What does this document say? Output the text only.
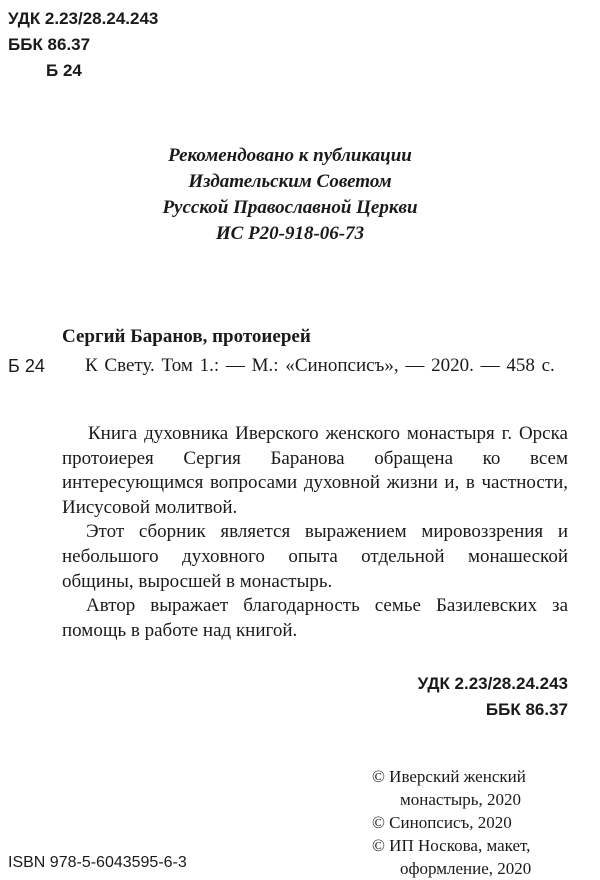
УДК 2.23/28.24.243
ББК 86.37
Б 24
Рекомендовано к публикации
Издательским Советом
Русской Православной Церкви
ИС Р20-918-06-73
Сергий Баранов, протоиерей
Б 24 К Свету. Том 1.: — М.: «Синопсисъ», — 2020. — 458 с.

Книга духовника Иверского женского монастыря г. Орска протоиерея Сергия Баранова обращена ко всем интересующимся вопросами духовной жизни и, в частности, Иисусовой молитвой.

Этот сборник является выражением мировоззрения и небольшого духовного опыта отдельной монашеской общины, выросшей в монастырь.

Автор выражает благодарность семье Базилевских за помощь в работе над книгой.

УДК 2.23/28.24.243
ББК 86.37
© Иверский женский
монастырь, 2020
© Синопсисъ, 2020
© ИП Носкова, макет,
оформление, 2020
ISBN 978-5-6043595-6-3
